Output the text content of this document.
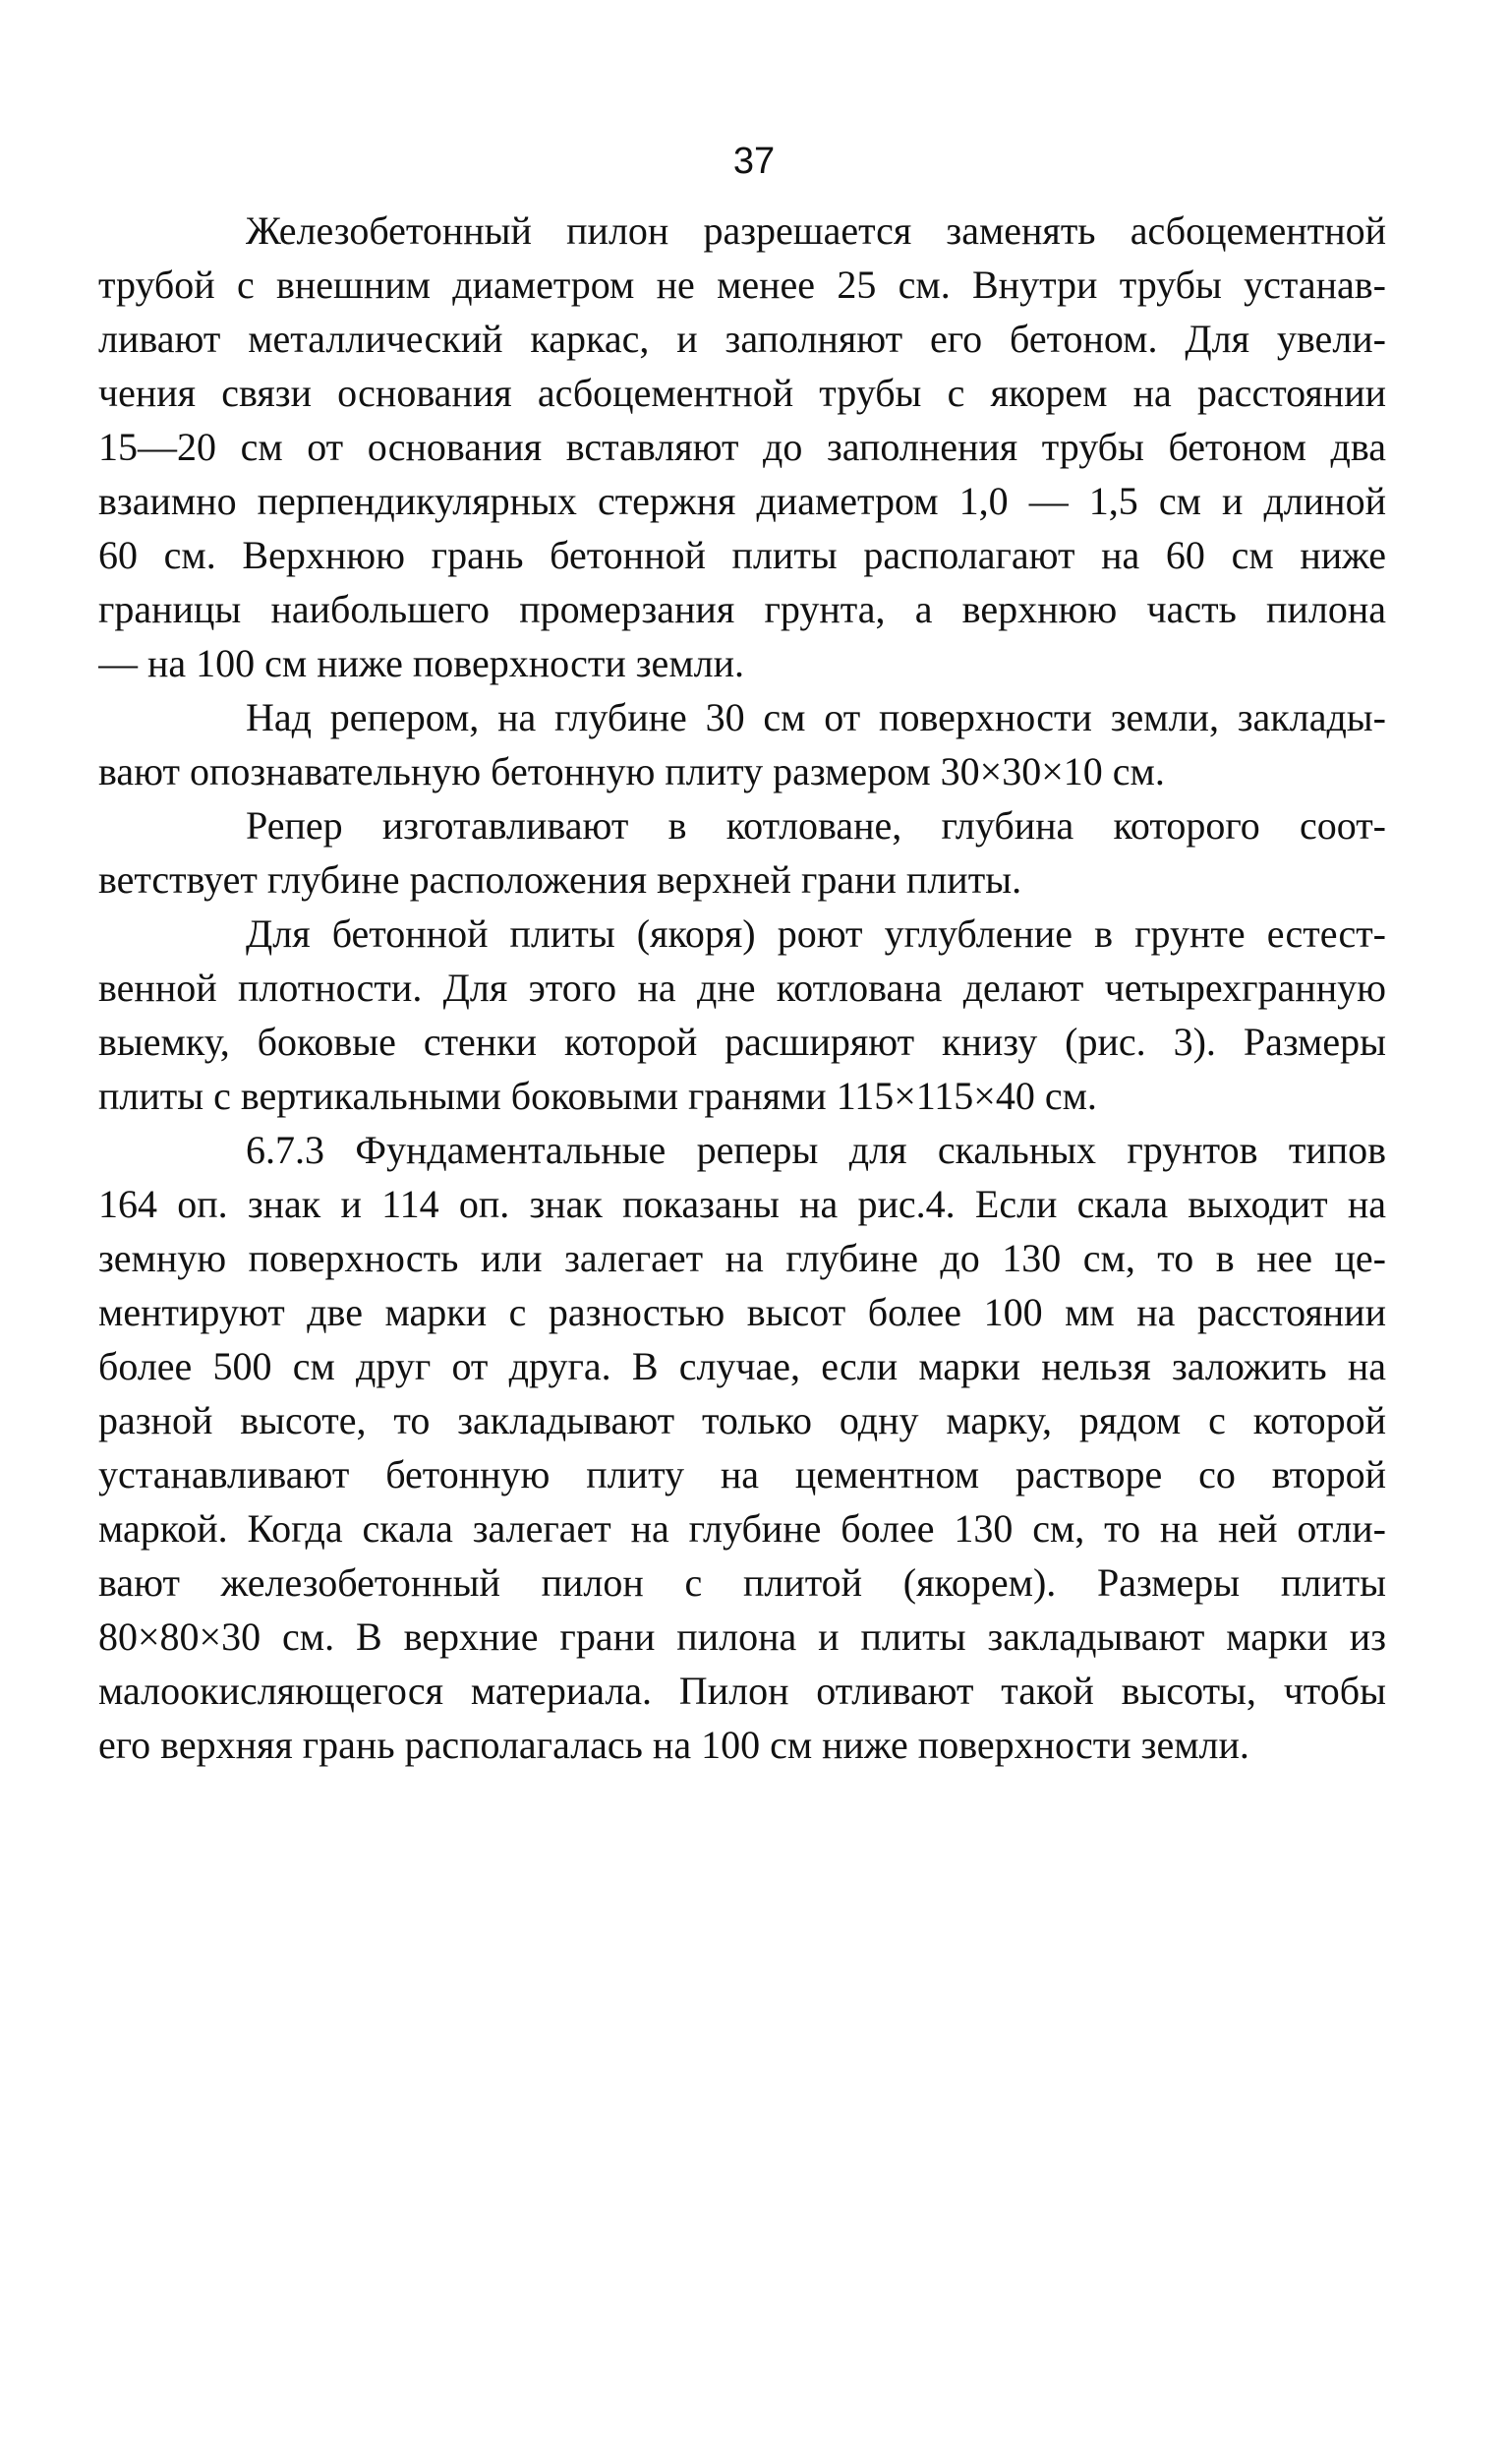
37
Железобетонный пилон разрешается заменять асбоцементной
трубой с внешним диаметром не менее 25 см. Внутри трубы устанав-
ливают металлический каркас, и заполняют его бетоном. Для увели-
чения связи основания асбоцементной трубы с якорем на расстоянии
15—20 см от основания вставляют до заполнения трубы бетоном два
взаимно перпендикулярных стержня диаметром 1,0 — 1,5 см и длиной
60 см. Верхнюю грань бетонной плиты располагают на 60 см ниже
границы наибольшего промерзания грунта, а верхнюю часть пилона
— на 100 см ниже поверхности земли.
Над репером, на глубине 30 см от поверхности земли, заклады-
вают опознавательную бетонную плиту размером 30×30×10 см.
Репер изготавливают в котловане, глубина которого соот-
ветствует глубине расположения верхней грани плиты.
Для бетонной плиты (якоря) роют углубление в грунте естест-
венной плотности. Для этого на дне котлована делают четырехгранную
выемку, боковые стенки которой расширяют книзу (рис. 3). Размеры
плиты с вертикальными боковыми гранями 115×115×40 см.
6.7.3 Фундаментальные реперы для скальных грунтов типов
164 оп. знак и 114 оп. знак показаны на рис.4. Если скала выходит на
земную поверхность или залегает на глубине до 130 см, то в нее це-
ментируют две марки с разностью высот более 100 мм на расстоянии
более 500 см друг от друга. В случае, если марки нельзя заложить на
разной высоте, то закладывают только одну марку, рядом с которой
устанавливают бетонную плиту на цементном растворе со второй
маркой. Когда скала залегает на глубине более 130 см, то на ней отли-
вают железобетонный пилон с плитой (якорем). Размеры плиты
80×80×30 см. В верхние грани пилона и плиты закладывают марки из
малоокисляющегося материала. Пилон отливают такой высоты, чтобы
его верхняя грань располагалась на 100 см ниже поверхности земли.
